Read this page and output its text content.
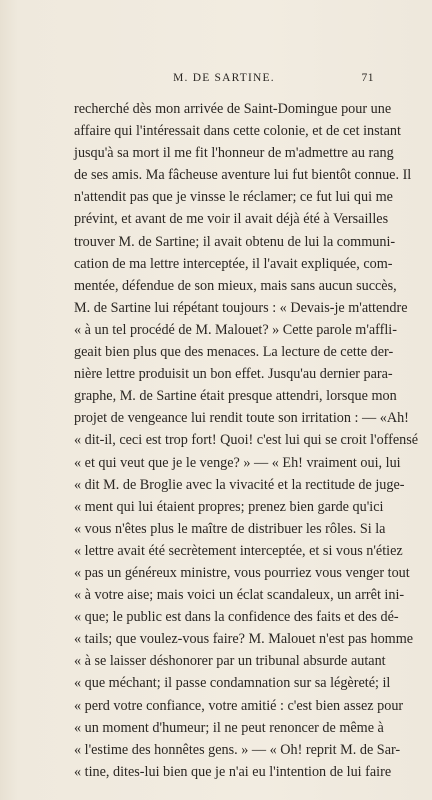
M. DE SARTINE.	71
recherché dès mon arrivée de Saint-Domingue pour une
affaire qui l'intéressait dans cette colonie, et de cet instant
jusqu'à sa mort il me fit l'honneur de m'admettre au rang
de ses amis. Ma fâcheuse aventure lui fut bientôt connue. Il
n'attendit pas que je vinsse le réclamer; ce fut lui qui me
prévint, et avant de me voir il avait déjà été à Versailles
trouver M. de Sartine; il avait obtenu de lui la communi-
cation de ma lettre interceptée, il l'avait expliquée, com-
mentée, défendue de son mieux, mais sans aucun succès,
M. de Sartine lui répétant toujours : « Devais-je m'attendre
« à un tel procédé de M. Malouet? » Cette parole m'affli-
geait bien plus que des menaces. La lecture de cette der-
nière lettre produisit un bon effet. Jusqu'au dernier para-
graphe, M. de Sartine était presque attendri, lorsque mon
projet de vengeance lui rendit toute son irritation : — «Ah!
« dit-il, ceci est trop fort! Quoi! c'est lui qui se croit l'offensé
« et qui veut que je le venge? » — « Eh! vraiment oui, lui
« dit M. de Broglie avec la vivacité et la rectitude de juge-
« ment qui lui étaient propres; prenez bien garde qu'ici
« vous n'êtes plus le maître de distribuer les rôles. Si la
« lettre avait été secrètement interceptée, et si vous n'étiez
« pas un généreux ministre, vous pourriez vous venger tout
« à votre aise; mais voici un éclat scandaleux, un arrêt ini-
« que; le public est dans la confidence des faits et des dé-
« tails; que voulez-vous faire? M. Malouet n'est pas homme
« à se laisser déshonorer par un tribunal absurde autant
« que méchant; il passe condamnation sur sa légèreté; il
« perd votre confiance, votre amitié : c'est bien assez pour
« un moment d'humeur; il ne peut renoncer de même à
« l'estime des honnêtes gens. » — « Oh! reprit M. de Sar-
« tine, dites-lui bien que je n'ai eu l'intention de lui faire
